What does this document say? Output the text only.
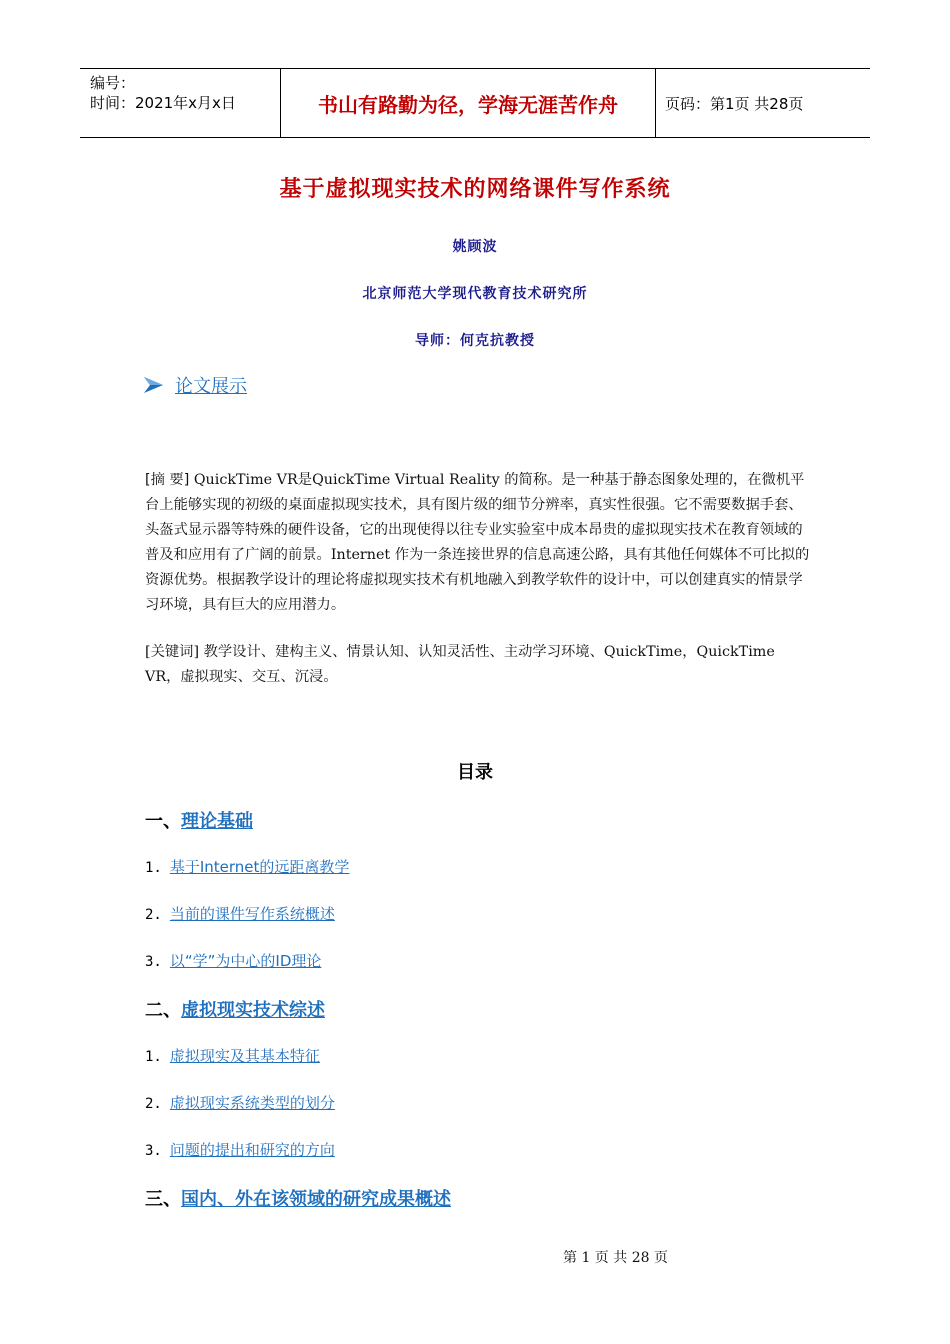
编号：
时间：2021年x月x日	书山有路勤为径，学海无涯苦作舟	页码：第1页 共28页
基于虚拟现实技术的网络课件写作系统
姚顾波
北京师范大学现代教育技术研究所
导师：何克抗教授
论文展示
[摘 要] QuickTime VR是QuickTime Virtual Reality 的简称。是一种基于静态图象处理的，在微机平台上能够实现的初级的桌面虚拟现实技术，具有图片级的细节分辨率，真实性很强。它不需要数据手套、头盔式显示器等特殊的硬件设备，它的出现使得以往专业实验室中成本昂贵的虚拟现实技术在教育领域的普及和应用有了广阔的前景。Internet 作为一条连接世界的信息高速公路，具有其他任何媒体不可比拟的资源优势。根据教学设计的理论将虚拟现实技术有机地融入到教学软件的设计中，可以创建真实的情景学习环境，具有巨大的应用潜力。
[关键词] 教学设计、建构主义、情景认知、认知灵活性、主动学习环境、QuickTime，QuickTime VR，虚拟现实、交互、沉浸。
目录
一、理论基础
1. 基于Internet的远距离教学
2. 当前的课件写作系统概述
3. 以“学”为中心的ID理论
二、虚拟现实技术综述
1. 虚拟现实及其基本特征
2. 虚拟现实系统类型的划分
3. 问题的提出和研究的方向
三、国内、外在该领域的研究成果概述
第 1 页 共 28 页
